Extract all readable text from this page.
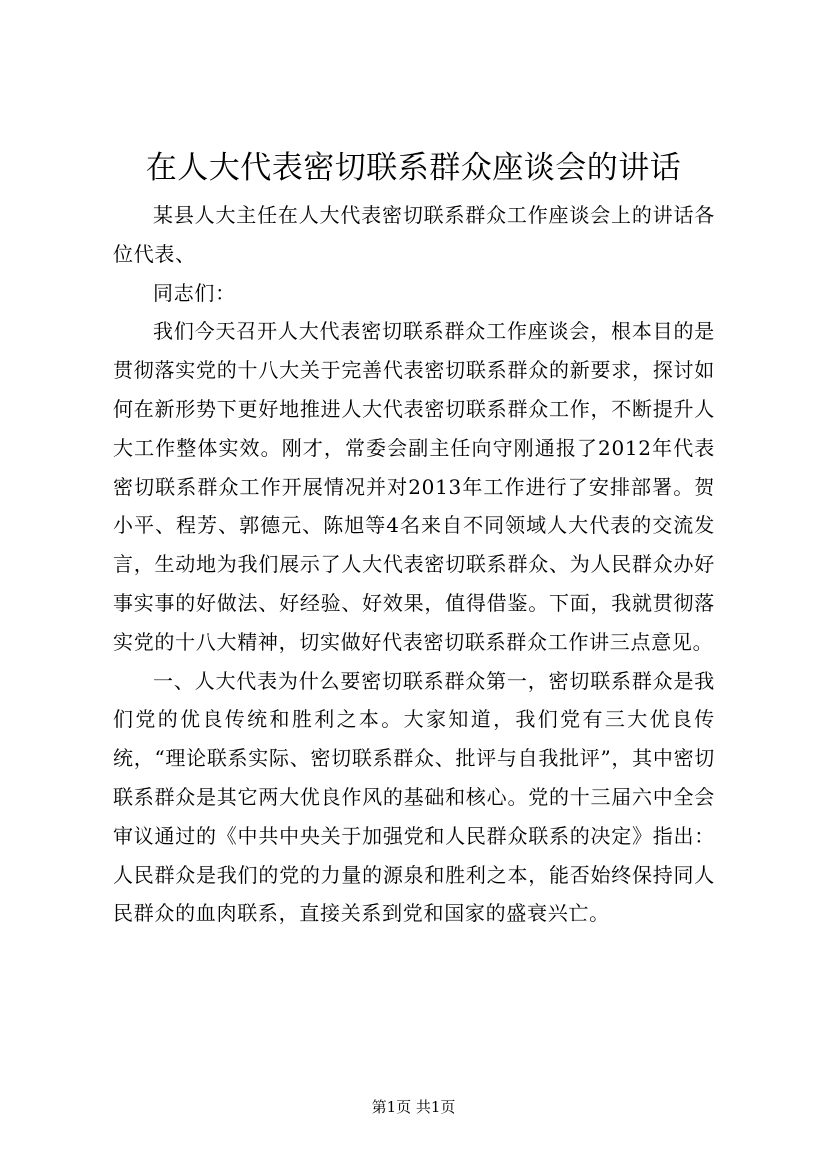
在人大代表密切联系群众座谈会的讲话

某县人大主任在人大代表密切联系群众工作座谈会上的讲话各位代表、

同志们：

我们今天召开人大代表密切联系群众工作座谈会，根本目的是贯彻落实党的十八大关于完善代表密切联系群众的新要求，探讨如何在新形势下更好地推进人大代表密切联系群众工作，不断提升人大工作整体实效。刚才，常委会副主任向守刚通报了2012年代表密切联系群众工作开展情况并对2013年工作进行了安排部署。贺小平、程芳、郭德元、陈旭等4名来自不同领域人大代表的交流发言，生动地为我们展示了人大代表密切联系群众、为人民群众办好事实事的好做法、好经验、好效果，值得借鉴。下面，我就贯彻落实党的十八大精神，切实做好代表密切联系群众工作讲三点意见。

一、人大代表为什么要密切联系群众第一，密切联系群众是我们党的优良传统和胜利之本。大家知道，我们党有三大优良传统，“理论联系实际、密切联系群众、批评与自我批评”，其中密切联系群众是其它两大优良作风的基础和核心。党的十三届六中全会审议通过的《中共中央关于加强党和人民群众联系的决定》指出：人民群众是我们的党的力量的源泉和胜利之本，能否始终保持同人民群众的血肉联系，直接关系到党和国家的盛衰兴亡。

第1页 共1页
